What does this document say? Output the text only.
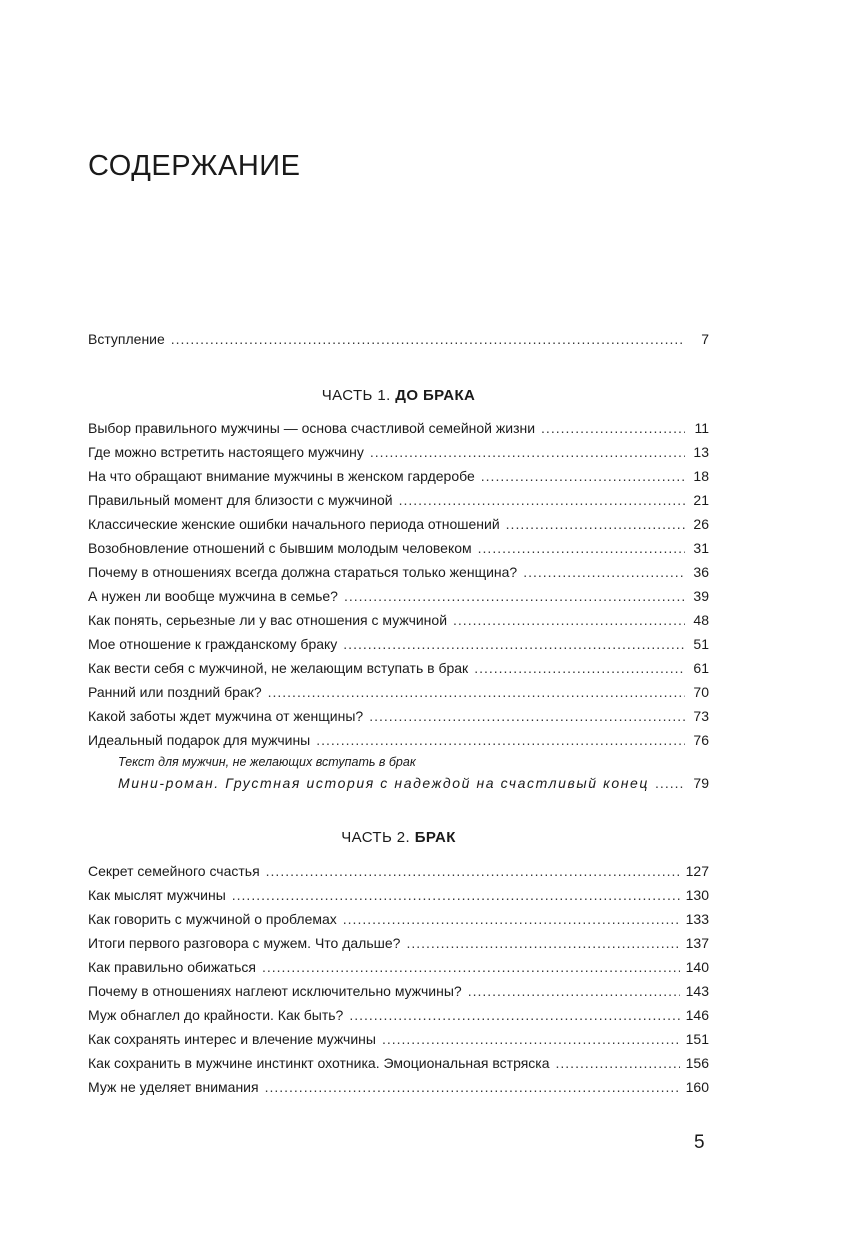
СОДЕРЖАНИЕ
Вступление .....	7
ЧАСТЬ 1. ДО БРАКА
Выбор правильного мужчины — основа счастливой семейной жизни .....	11
Где можно встретить настоящего мужчину .....	13
На что обращают внимание мужчины в женском гардеробе .....	18
Правильный момент для близости с мужчиной .....	21
Классические женские ошибки начального периода отношений .....	26
Возобновление отношений с бывшим молодым человеком .....	31
Почему в отношениях всегда должна стараться только женщина? .....	36
А нужен ли вообще мужчина в семье? .....	39
Как понять, серьезные ли у вас отношения с мужчиной .....	48
Мое отношение к гражданскому браку .....	51
Как вести себя с мужчиной, не желающим вступать в брак .....	61
Ранний или поздний брак? .....	70
Какой заботы ждет мужчина от женщины? .....	73
Идеальный подарок для мужчины .....	76
Текст для мужчин, не желающих вступать в брак
Мини-роман. Грустная история с надеждой на счастливый конец .....	79
ЧАСТЬ 2. БРАК
Секрет семейного счастья .....	127
Как мыслят мужчины .....	130
Как говорить с мужчиной о проблемах .....	133
Итоги первого разговора с мужем. Что дальше? .....	137
Как правильно обижаться .....	140
Почему в отношениях наглеют исключительно мужчины? .....	143
Муж обнаглел до крайности. Как быть? .....	146
Как сохранять интерес и влечение мужчины .....	151
Как сохранить в мужчине инстинкт охотника. Эмоциональная встряска .....	156
Муж не уделяет внимания .....	160
5
